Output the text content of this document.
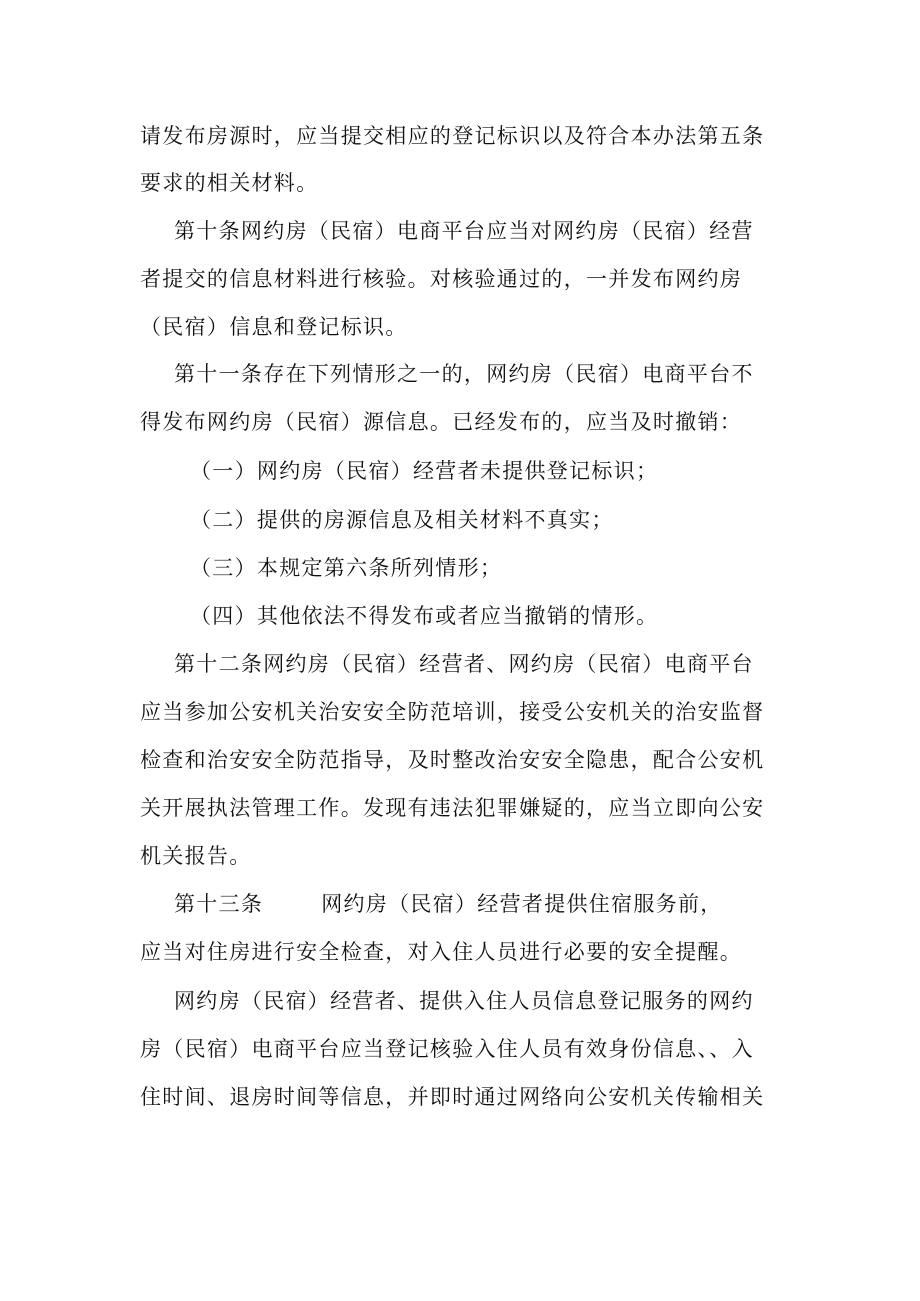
请发布房源时，应当提交相应的登记标识以及符合本办法第五条
要求的相关材料。
第十条网约房（民宿）电商平台应当对网约房（民宿）经营
者提交的信息材料进行核验。对核验通过的，一并发布网约房
（民宿）信息和登记标识。
第十一条存在下列情形之一的，网约房（民宿）电商平台不
得发布网约房（民宿）源信息。已经发布的，应当及时撤销：
（一）网约房（民宿）经营者未提供登记标识；
（二）提供的房源信息及相关材料不真实；
（三）本规定第六条所列情形；
（四）其他依法不得发布或者应当撤销的情形。
第十二条网约房（民宿）经营者、网约房（民宿）电商平台
应当参加公安机关治安安全防范培训，接受公安机关的治安监督
检查和治安安全防范指导，及时整改治安安全隐患，配合公安机
关开展执法管理工作。发现有违法犯罪嫌疑的，应当立即向公安
机关报告。
第十三条	网约房（民宿）经营者提供住宿服务前，
应当对住房进行安全检查，对入住人员进行必要的安全提醒。
网约房（民宿）经营者、提供入住人员信息登记服务的网约
房（民宿）电商平台应当登记核验入住人员有效身份信息、、入
住时间、退房时间等信息，并即时通过网络向公安机关传输相关
